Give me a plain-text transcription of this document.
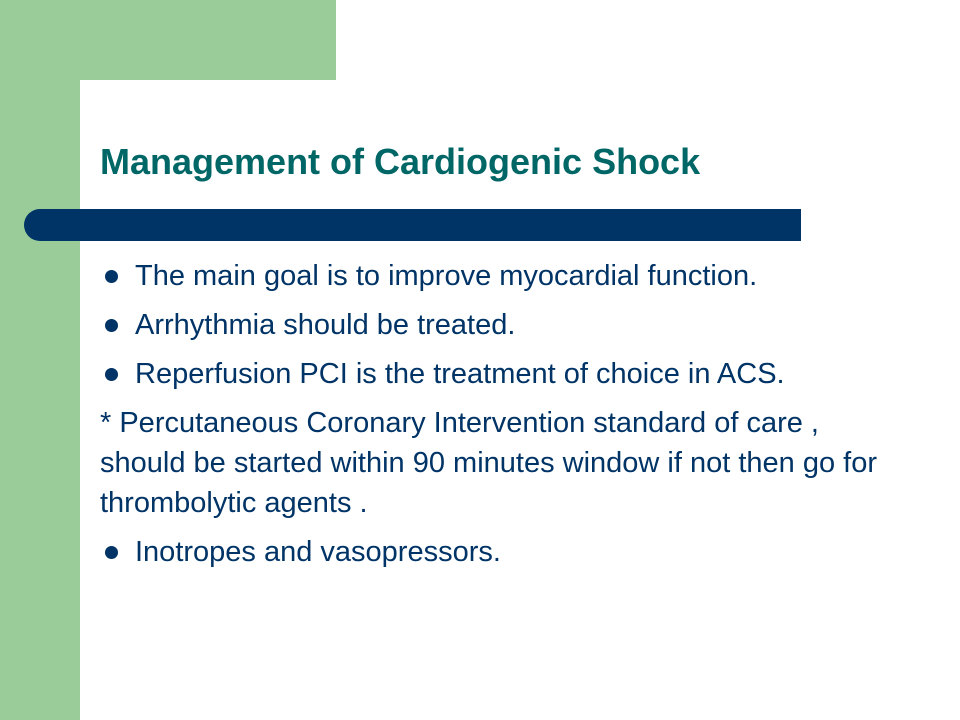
Management of Cardiogenic Shock
The main goal is to improve myocardial function.
Arrhythmia should be treated.
Reperfusion PCI is the treatment of choice in ACS.
* Percutaneous Coronary Intervention standard of care , should be started within 90 minutes window if not then go for thrombolytic agents .
Inotropes and vasopressors.
